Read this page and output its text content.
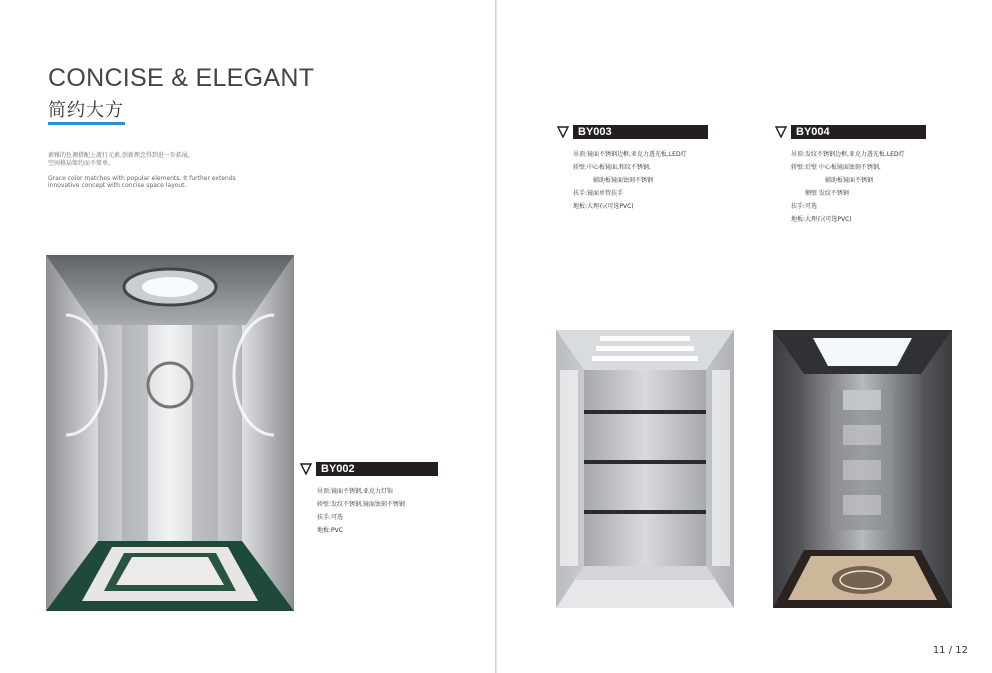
CONCISE & ELEGANT
简约大方
素雅的色调搭配上流行元素,创新理念得到进一步拓展,
空间格局简约而不简单。
Grace color matches with popular elements. It further extends
innovative concept with concise space layout.
BY002
吊顶:镜面不锈钢,亚克力灯饰
轿壁:发纹不锈钢,镜面蚀刻不锈钢
扶手:可选
地板:PVC
BY003
吊顶:镜面不锈钢边框,亚克力透光板,LED灯
轿壁:中心板镜面,和纹不锈钢,
辅助板镜面蚀刻不锈钢
扶手:镜面单管扶手
地板:大理石(可选PVC)
BY004
吊顶:发纹不锈钢边框,亚克力透光板,LED灯
轿壁:后壁 中心板镜面蚀刻不锈钢,
辅助板镜面不锈钢
侧壁 发纹不锈钢
扶手:可选
地板:大理石(可选PVC)
11 / 12
